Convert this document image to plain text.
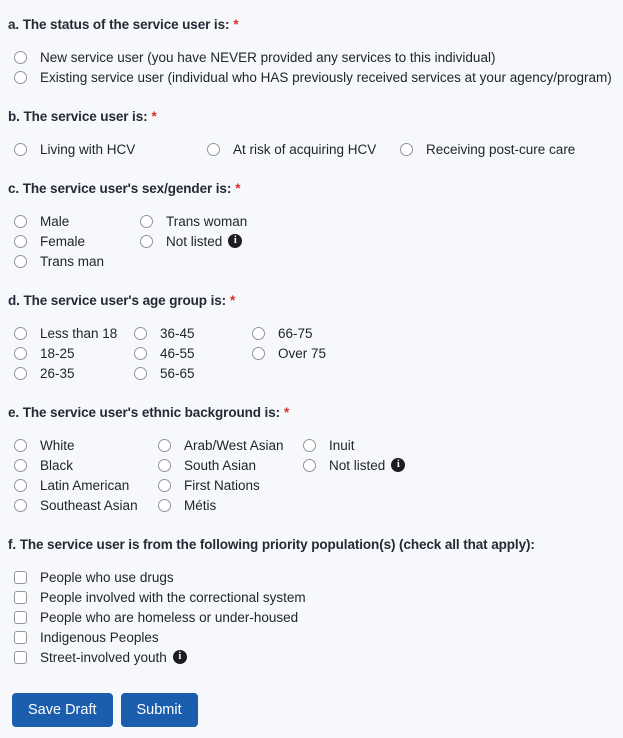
a. The status of the service user is: *
New service user (you have NEVER provided any services to this individual)
Existing service user (individual who HAS previously received services at your agency/program)
b. The service user is: *
Living with HCV	At risk of acquiring HCV	Receiving post-cure care
c. The service user's sex/gender is: *
Male
Female
Trans man
Trans woman
Not listed	i
d. The service user's age group is: *
Less than 18
18-25
26-35
36-45
46-55
56-65
66-75
Over 75
e. The service user's ethnic background is: *
White
Black
Latin American
Southeast Asian
Arab/West Asian
South Asian
First Nations
Métis
Inuit
Not listed	i
f. The service user is from the following priority population(s) (check all that apply):
People who use drugs
People involved with the correctional system
People who are homeless or under-housed
Indigenous Peoples
Street-involved youth	i
Save Draft	Submit
